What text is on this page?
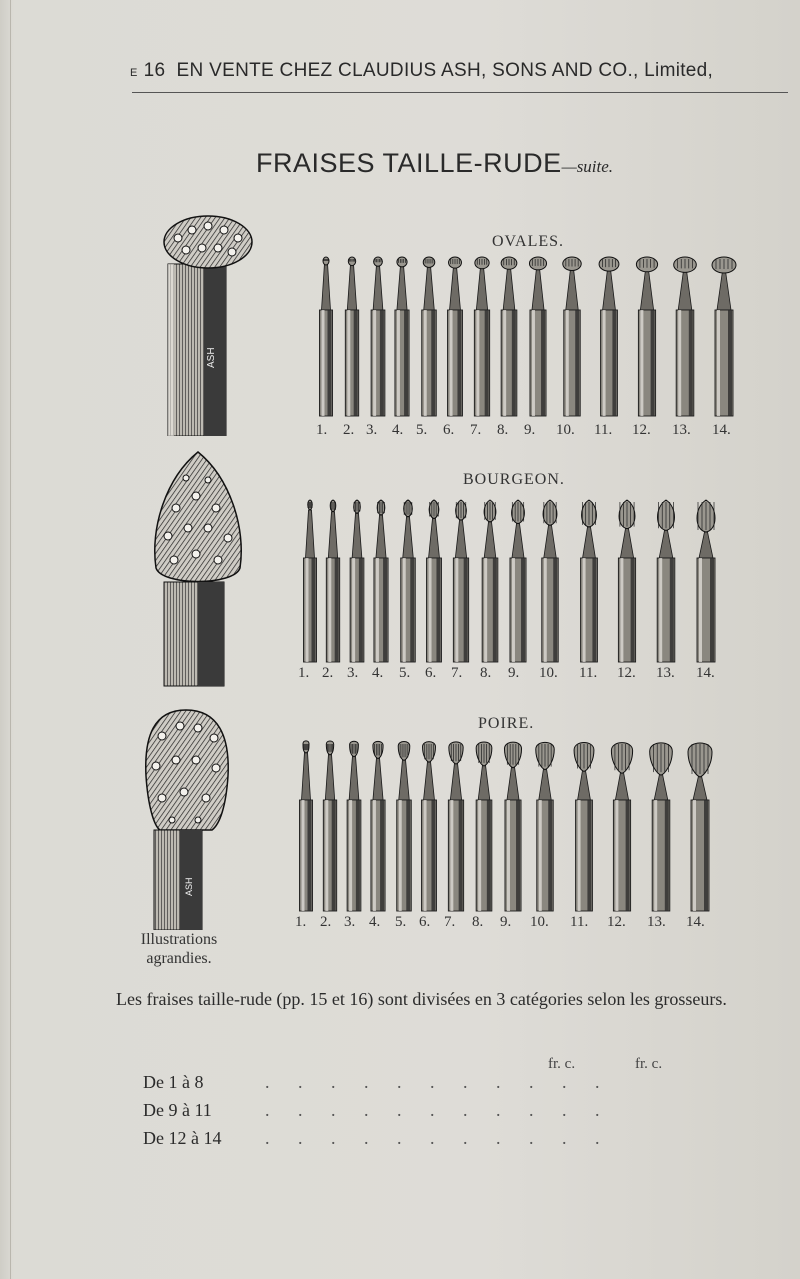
E 16 EN VENTE CHEZ CLAUDIUS ASH, SONS AND CO., Limited,
FRAISES TAILLE-RUDE—suite.
OVALES.
BOURGEON.
POIRE.
1. 2. 3. 4. 5. 6. 7. 8. 9. 10. 11. 12. 13. 14.
1. 2. 3. 4. 5. 6. 7. 8. 9. 10. 11. 12. 13. 14.
1. 2. 3. 4. 5. 6. 7. 8. 9. 10. 11. 12. 13. 14.
ASH
ASH
Illustrations
agrandies.
Les fraises taille-rude (pp. 15 et 16) sont divisées en 3 catégories selon les grosseurs.
fr. c.	fr. c.
De 1 à 8	. . . . . . . . . . .
De 9 à 11	. . . . . . . . . . .
De 12 à 14 . . . . . . . . . . .
